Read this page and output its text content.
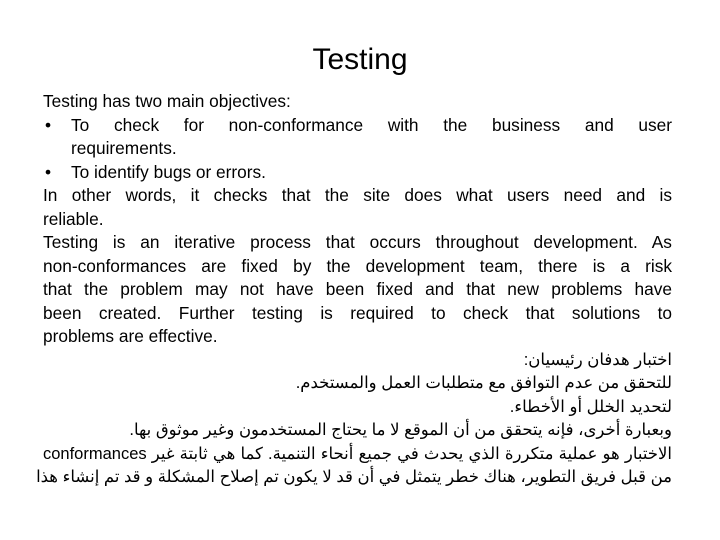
Testing
Testing has two main objectives:
• To check for non-conformance with the business and user
requirements.
• To identify bugs or errors.
In other words, it checks that the site does what users need and is
reliable.
Testing is an iterative process that occurs throughout development. As
non-conformances are fixed by the development team, there is a risk
that the problem may not have been fixed and that new problems have
been created. Further testing is required to check that solutions to
problems are effective.
اختبار هدفان رئيسيان:
للتحقق من عدم التوافق مع متطلبات العمل والمستخدم.
لتحديد الخلل أو الأخطاء.
وبعبارة أخرى، فإنه يتحقق من أن الموقع لا ما يحتاج المستخدمون وغير موثوق بها.
الاختبار هو عملية متكررة الذي يحدث في جميع أنحاء التنمية. كما هي ثابتة غير conformances
من قبل فريق التطوير، هناك خطر يتمثل في أن قد لا يكون تم إصلاح المشكلة و قد تم إنشاء هذا
